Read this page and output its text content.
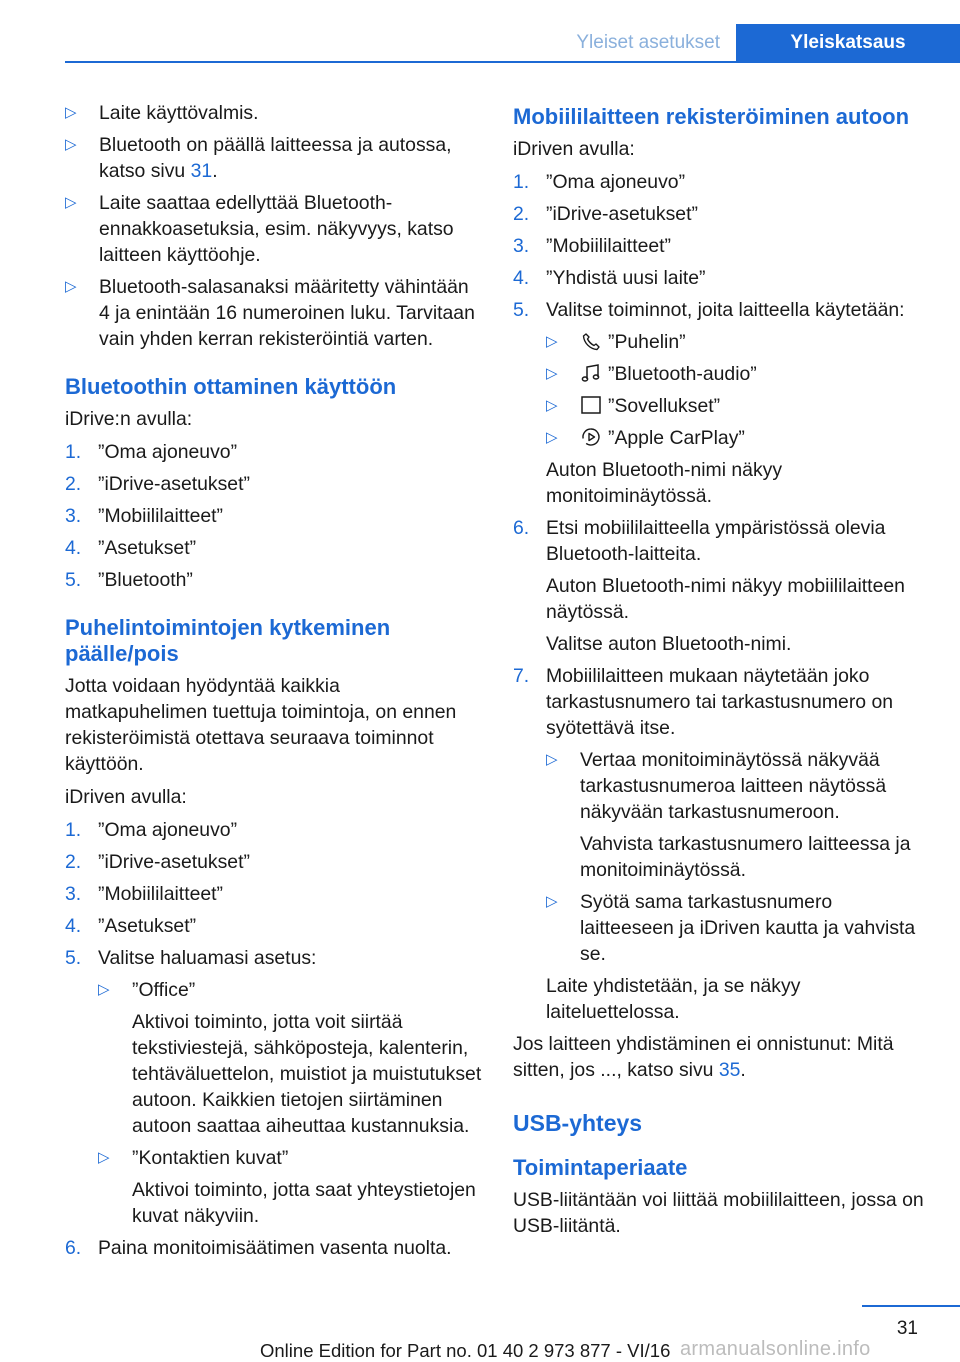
Yleiset asetukset	Yleiskatsaus
▷ Laite käyttövalmis.
▷ Bluetooth on päällä laitteessa ja autossa, katso sivu 31.
▷ Laite saattaa edellyttää Bluetooth-ennakkoasetuksia, esim. näkyvyys, katso laitteen käyttöohje.
▷ Bluetooth-salasanaksi määritetty vähintään 4 ja enintään 16 numeroinen luku. Tarvitaan vain yhden kerran rekisteröintiä varten.
Bluetoothin ottaminen käyttöön
iDrive:n avulla:
1. ”Oma ajoneuvo”
2. ”iDrive-asetukset”
3. ”Mobiililaitteet”
4. ”Asetukset”
5. ”Bluetooth”
Puhelintoimintojen kytkeminen päälle/pois
Jotta voidaan hyödyntää kaikkia matkapuhelimen tuettuja toimintoja, on ennen rekisteröimistä otettava seuraava toiminnot käyttöön.
iDriven avulla:
1. ”Oma ajoneuvo”
2. ”iDrive-asetukset”
3. ”Mobiililaitteet”
4. ”Asetukset”
5. Valitse haluamasi asetus:
▷ ”Office”
Aktivoi toiminto, jotta voit siirtää tekstiviestejä, sähköposteja, kalenterin, tehtäväluettelon, muistiot ja muistutukset autoon. Kaikkien tietojen siirtäminen autoon saattaa aiheuttaa kustannuksia.
▷ ”Kontaktien kuvat”
Aktivoi toiminto, jotta saat yhteystietojen kuvat näkyviin.
6. Paina monitoimisäätimen vasenta nuolta.
Mobiililaitteen rekisteröiminen autoon
iDriven avulla:
1. ”Oma ajoneuvo”
2. ”iDrive-asetukset”
3. ”Mobiililaitteet”
4. ”Yhdistä uusi laite”
5. Valitse toiminnot, joita laitteella käytetään:
▷	”Puhelin”
▷	”Bluetooth-audio”
▷	”Sovellukset”
▷	”Apple CarPlay”
Auton Bluetooth-nimi näkyy monitoiminäytössä.
6. Etsi mobiililaitteella ympäristössä olevia Bluetooth-laitteita.
Auton Bluetooth-nimi näkyy mobiililaitteen näytössä.
Valitse auton Bluetooth-nimi.
7. Mobiililaitteen mukaan näytetään joko tarkastusnumero tai tarkastusnumero on syötettävä itse.
▷ Vertaa monitoiminäytössä näkyvää tarkastusnumeroa laitteen näytössä näkyvään tarkastusnumeroon.
Vahvista tarkastusnumero laitteessa ja monitoiminäytössä.
▷ Syötä sama tarkastusnumero laitteeseen ja iDriven kautta ja vahvista se.
Laite yhdistetään, ja se näkyy laiteluettelossa.
Jos laitteen yhdistäminen ei onnistunut: Mitä sitten, jos ..., katso sivu 35.
USB-yhteys
Toimintaperiaate
USB-liitäntään voi liittää mobiililaitteen, jossa on USB-liitäntä.
31
Online Edition for Part no. 01 40 2 973 877 - VI/16 armanualsonline.info
